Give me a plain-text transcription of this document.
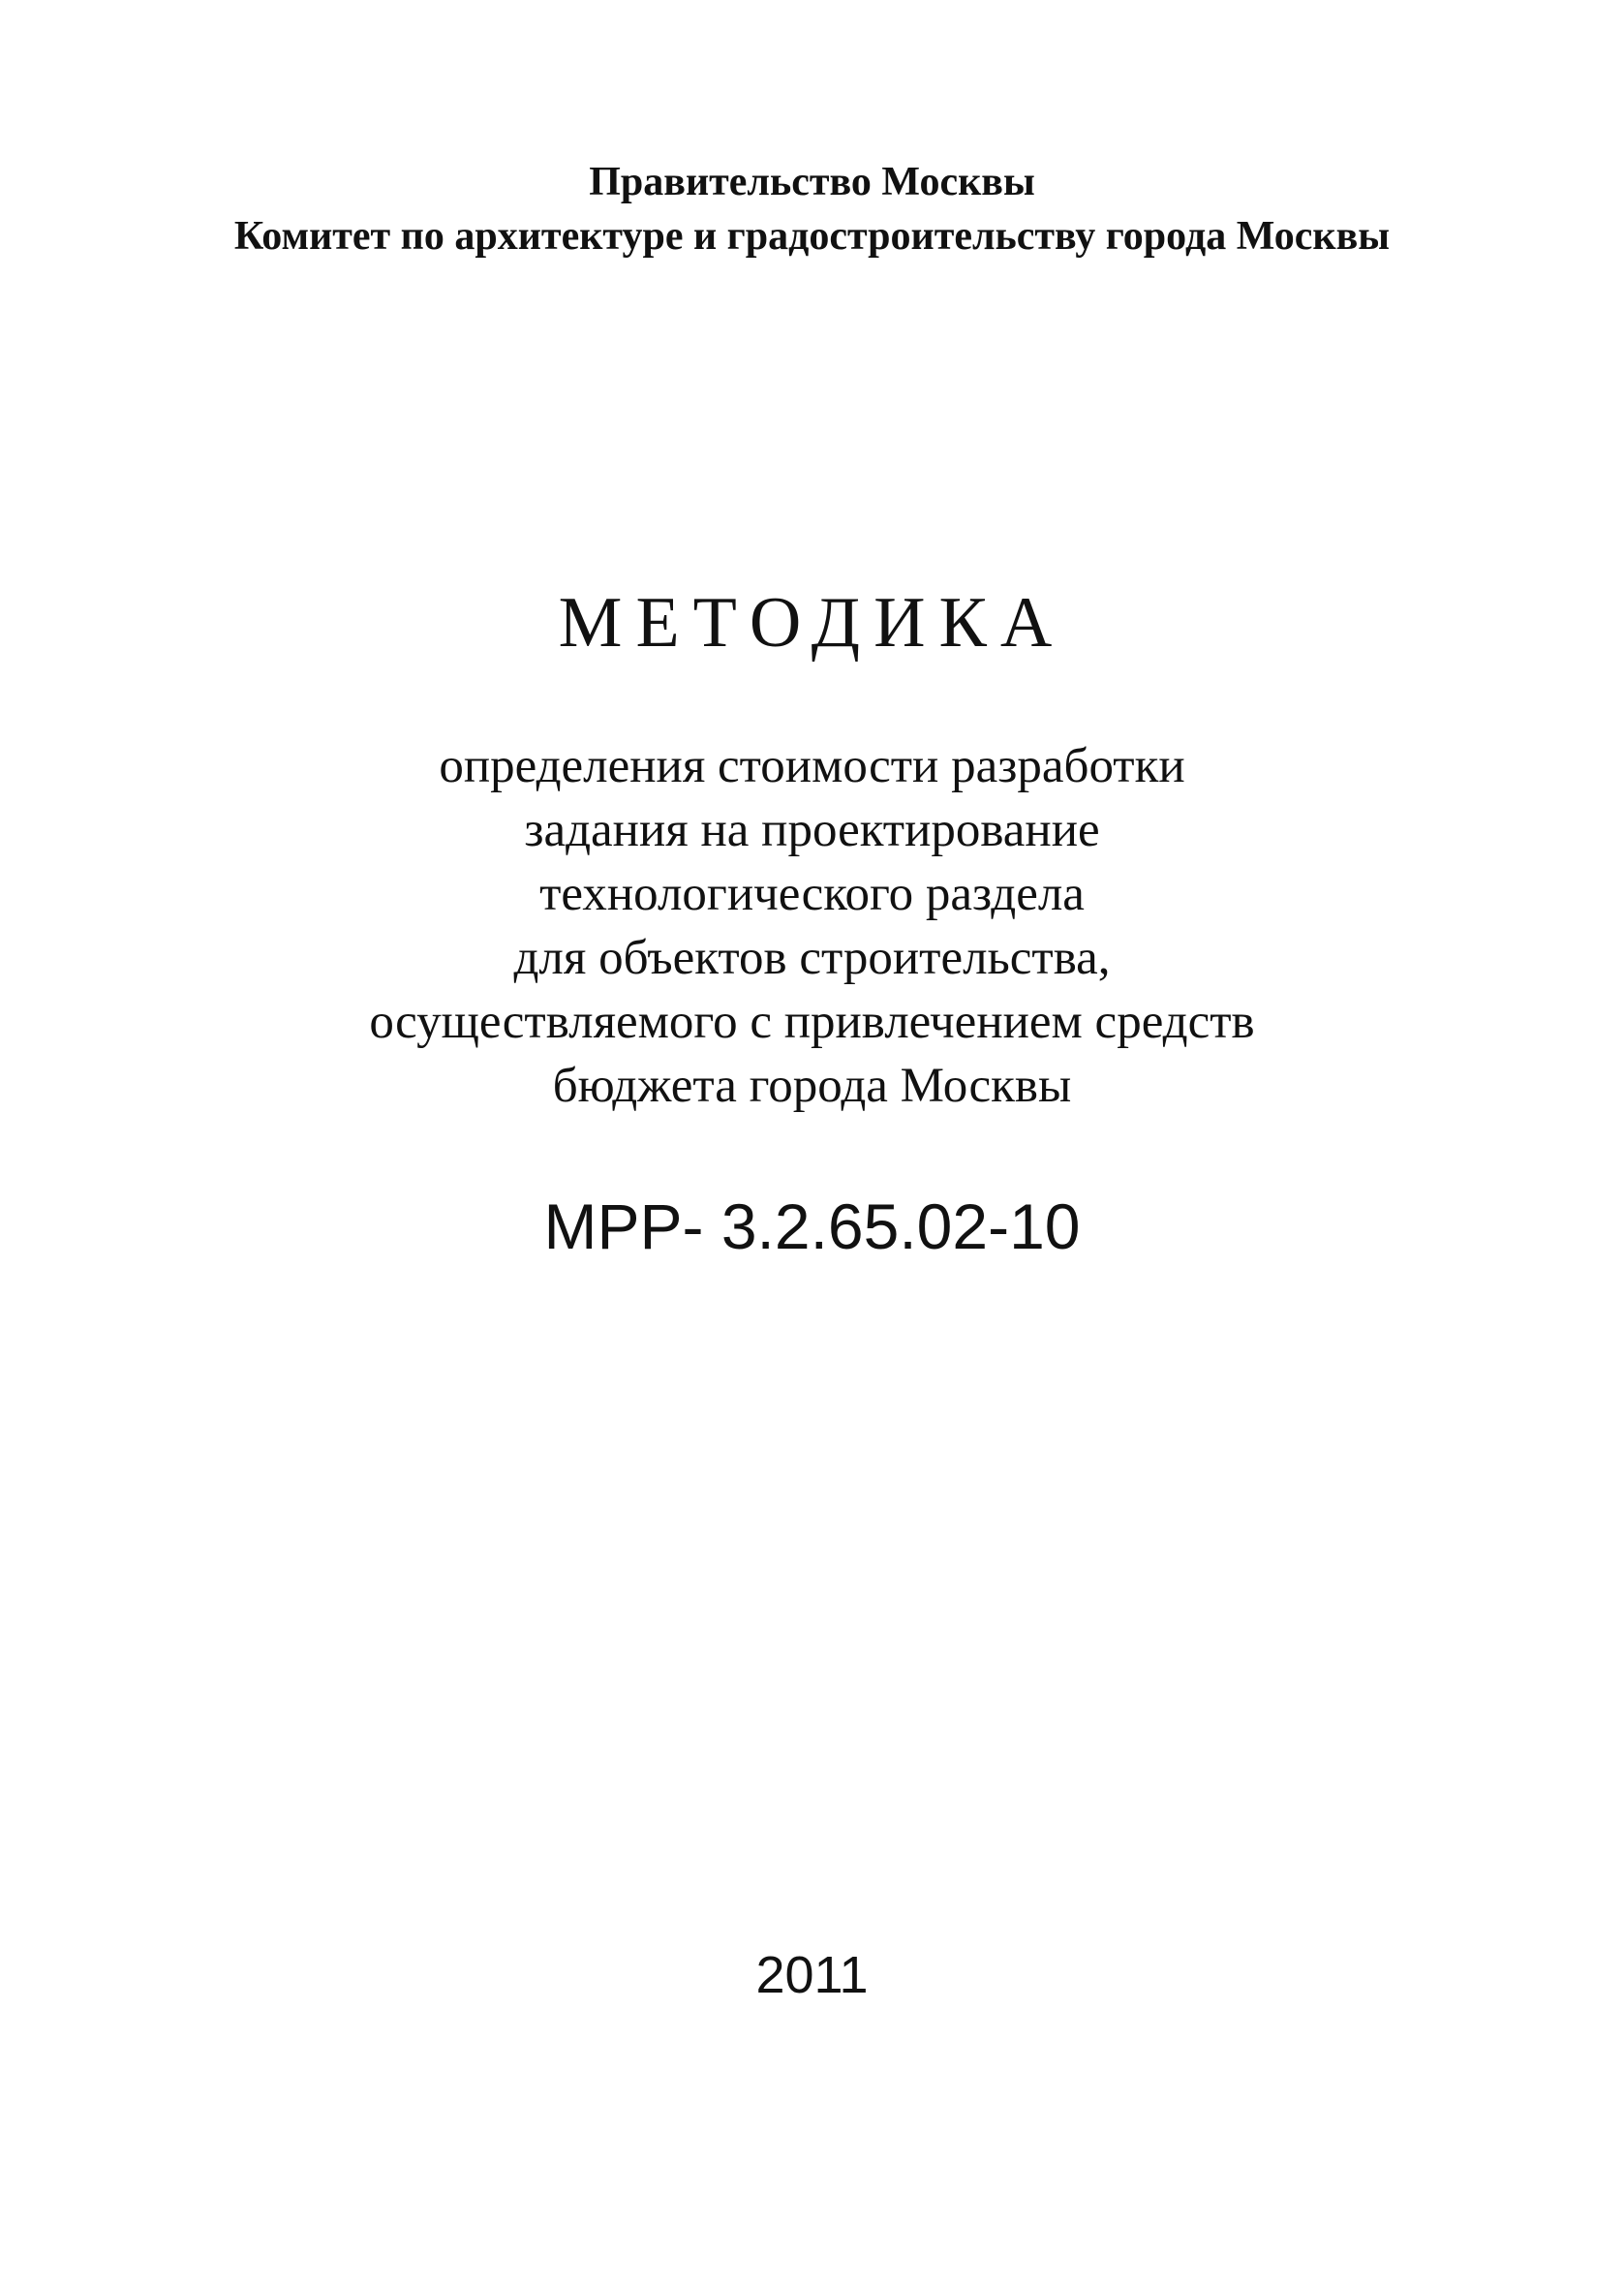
Правительство Москвы
Комитет по архитектуре и градостроительству города Москвы
МЕТОДИКА
определения стоимости разработки
задания на проектирование
технологического раздела
для объектов строительства,
осуществляемого с привлечением средств
бюджета города Москвы
МРР- 3.2.65.02-10
2011
